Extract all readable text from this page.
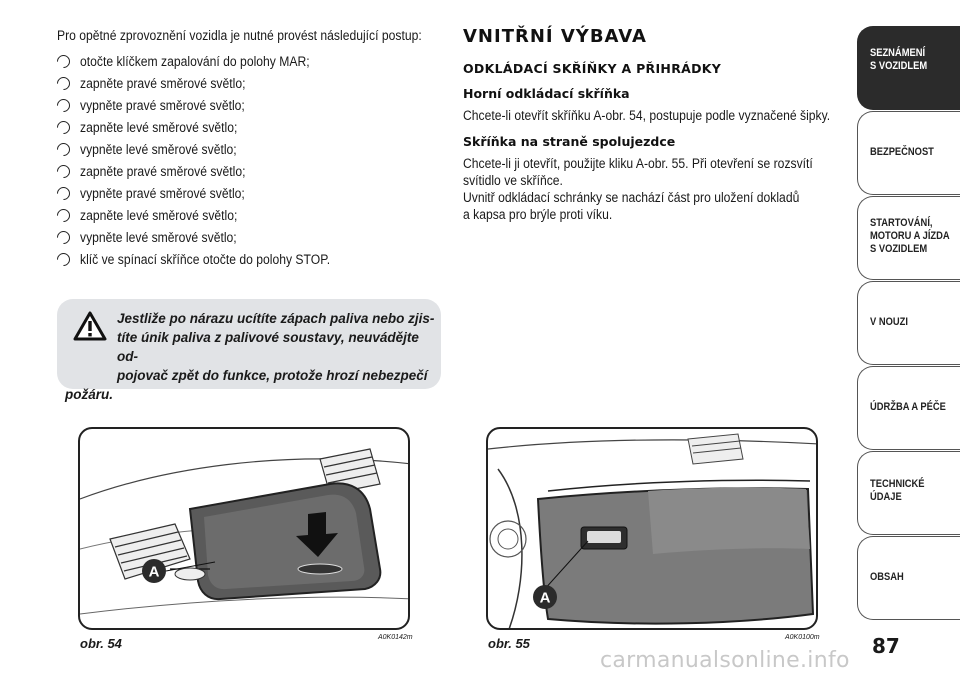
Pro opětné zprovoznění vozidla je nutné provést následující postup:
otočte klíčkem zapalování do polohy MAR;
zapněte pravé směrové světlo;
vypněte pravé směrové světlo;
zapněte levé směrové světlo;
vypněte levé směrové světlo;
zapněte pravé směrové světlo;
vypněte pravé směrové světlo;
zapněte levé směrové světlo;
vypněte levé směrové světlo;
klíč ve spínací skříňce otočte do polohy STOP.
Jestliže po nárazu ucítíte zápach paliva nebo zjis-
títe únik paliva z palivové soustavy, neuvádějte od-
pojovač zpět do funkce, protože hrozí nebezpečí
požáru.
VNITŘNÍ VÝBAVA
ODKLÁDACÍ SKŘÍŇKY A PŘIHRÁDKY
Horní odkládací skříňka
Chcete-li otevřít skříňku A-obr. 54, postupuje podle vyznačené šipky.
Skříňka na straně spolujezdce
Chcete-li ji otevřít, použijte kliku A-obr. 55. Při otevření se rozsvítí
svítidlo ve skříňce.
Uvnitř odkládací schránky se nachází část pro uložení dokladů
a kapsa pro brýle proti víku.
A
A
obr. 54	A0K0142m	obr. 55	A0K0100m	87
SEZNÁMENÍ
S VOZIDLEM
BEZPEČNOST
STARTOVÁNÍ,
MOTORU A JÍZDA
S VOZIDLEM
V NOUZI
ÚDRŽBA A PÉČE
TECHNICKÉ
ÚDAJE
OBSAH
carmanualsonline.info
